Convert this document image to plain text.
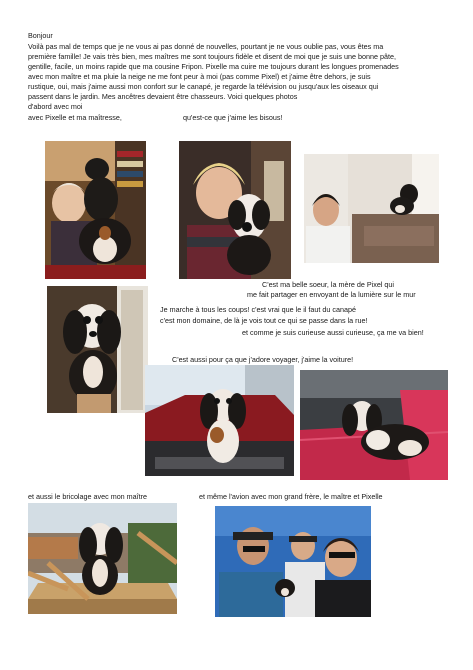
Bonjour
Voilà pas mal de temps que je ne vous ai pas donné de nouvelles, pourtant je ne vous oublie pas, vous êtes ma
première famille! Je vais très bien, mes maîtres me sont toujours fidèle et disent de moi que je suis une bonne pâte,
gentille, facile, un moins rapide que ma cousine Fripon. Pixelle ma cuire me toujours durant les longues promenades
avec mon maître et ma pluie la neige ne me font peur à moi (pas comme Pixel) et j'aime être dehors, je suis
rustique, oui, mais j'aime aussi mon confort sur le canapé, je regarde la télévision ou jusqu'aux les oiseaux qui
passent dans le jardin. Mes ancêtres devaient être chasseurs. Voici quelques photos
d'abord avec moi
avec Pixelle et ma maîtresse,	qu'est-ce que j'aime les bisous!
C'est ma belle soeur, la mère de Pixel qui
me fait partager en envoyant de la lumière sur le mur
Je marche à tous les coups! c'est vrai que le il faut du canapé
c'est mon domaine, de là je vois tout ce qui se passe dans la rue!
et comme je suis curieuse aussi curieuse, ça me va bien!
C'est aussi pour ça que j'adore voyager, j'aime la voiture!
et aussi le bricolage avec mon maître	et même l'avion avec mon grand frère, le maître et Pixelle
